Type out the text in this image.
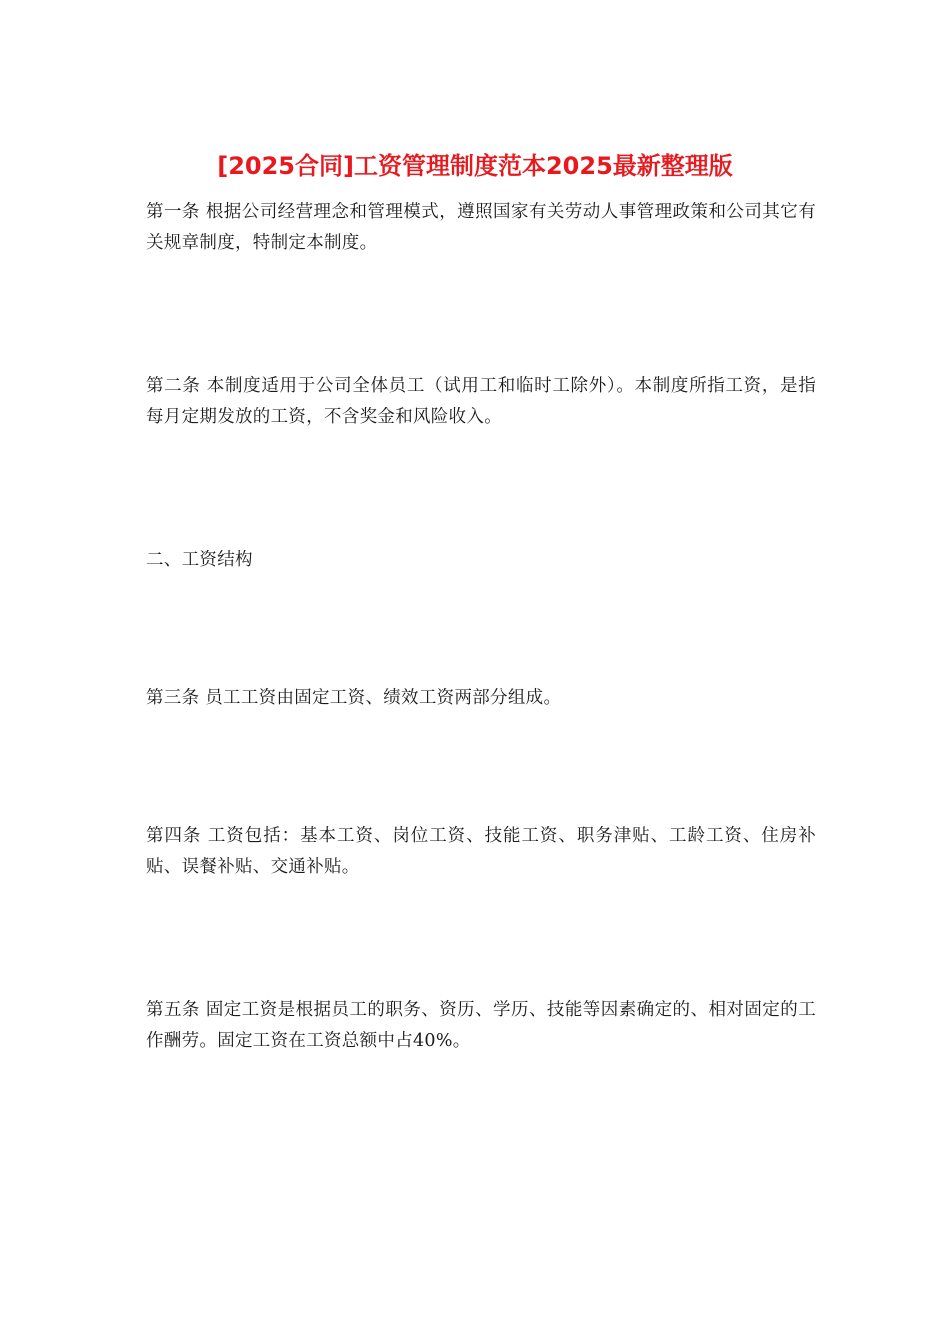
[2025合同]工资管理制度范本2025最新整理版

第一条 根据公司经营理念和管理模式，遵照国家有关劳动人事管理政策和公司其它有关规章制度，特制定本制度。

第二条 本制度适用于公司全体员工（试用工和临时工除外）。本制度所指工资，是指每月定期发放的工资，不含奖金和风险收入。

二、工资结构

第三条 员工工资由固定工资、绩效工资两部分组成。

第四条 工资包括：基本工资、岗位工资、技能工资、职务津贴、工龄工资、住房补贴、误餐补贴、交通补贴。

第五条 固定工资是根据员工的职务、资历、学历、技能等因素确定的、相对固定的工作酬劳。固定工资在工资总额中占40%。
